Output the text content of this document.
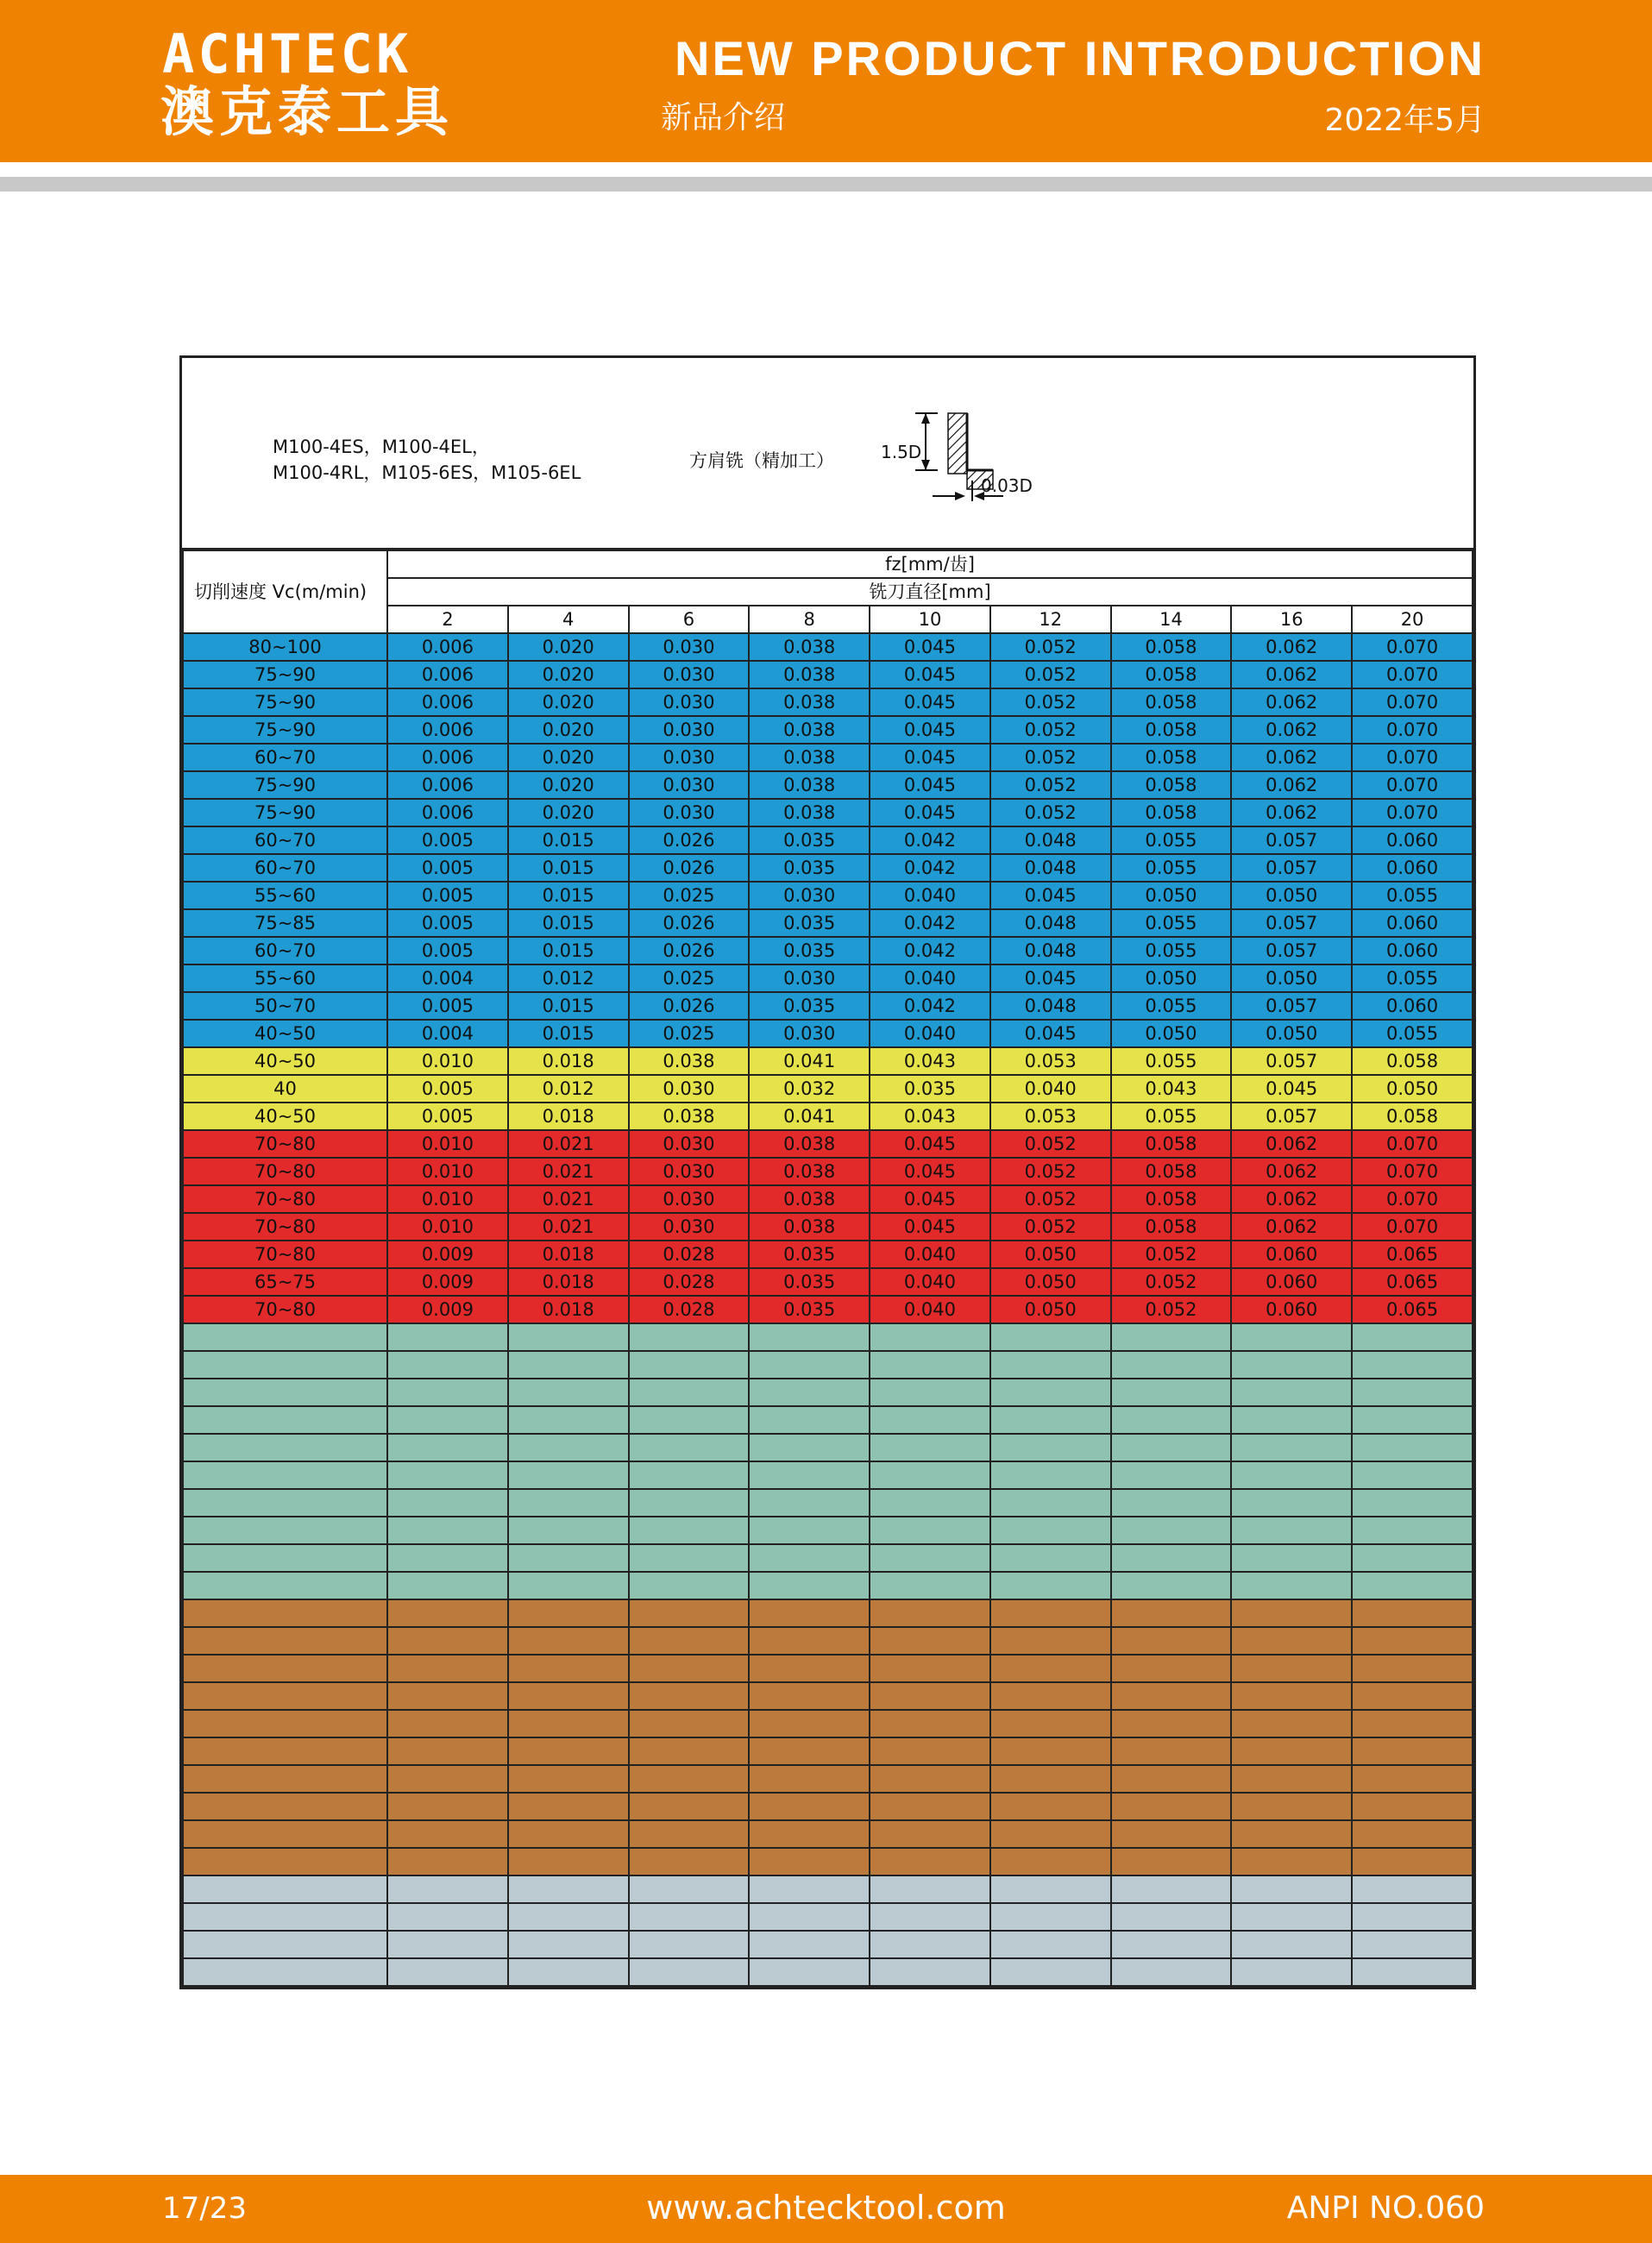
ACHTECK
澳克泰工具
NEW PRODUCT INTRODUCTION
新品介绍	2022年5月
M100-4ES，M100-4EL，
M100-4RL，M105-6ES，M105-6EL
方肩铣（精加工）	1.5D
0.03D
切削速度 Vc(m/min)	fz[mm/齿]								
	铣刀直径[mm]								
	2	4	6	8	10	12	14	16	20
80~100	0.006	0.020	0.030	0.038	0.045	0.052	0.058	0.062	0.070
75~90	0.006	0.020	0.030	0.038	0.045	0.052	0.058	0.062	0.070
75~90	0.006	0.020	0.030	0.038	0.045	0.052	0.058	0.062	0.070
75~90	0.006	0.020	0.030	0.038	0.045	0.052	0.058	0.062	0.070
60~70	0.006	0.020	0.030	0.038	0.045	0.052	0.058	0.062	0.070
75~90	0.006	0.020	0.030	0.038	0.045	0.052	0.058	0.062	0.070
75~90	0.006	0.020	0.030	0.038	0.045	0.052	0.058	0.062	0.070
60~70	0.005	0.015	0.026	0.035	0.042	0.048	0.055	0.057	0.060
60~70	0.005	0.015	0.026	0.035	0.042	0.048	0.055	0.057	0.060
55~60	0.005	0.015	0.025	0.030	0.040	0.045	0.050	0.050	0.055
75~85	0.005	0.015	0.026	0.035	0.042	0.048	0.055	0.057	0.060
60~70	0.005	0.015	0.026	0.035	0.042	0.048	0.055	0.057	0.060
55~60	0.004	0.012	0.025	0.030	0.040	0.045	0.050	0.050	0.055
50~70	0.005	0.015	0.026	0.035	0.042	0.048	0.055	0.057	0.060
40~50	0.004	0.015	0.025	0.030	0.040	0.045	0.050	0.050	0.055
40~50	0.010	0.018	0.038	0.041	0.043	0.053	0.055	0.057	0.058
40	0.005	0.012	0.030	0.032	0.035	0.040	0.043	0.045	0.050
40~50	0.005	0.018	0.038	0.041	0.043	0.053	0.055	0.057	0.058
70~80	0.010	0.021	0.030	0.038	0.045	0.052	0.058	0.062	0.070
70~80	0.010	0.021	0.030	0.038	0.045	0.052	0.058	0.062	0.070
70~80	0.010	0.021	0.030	0.038	0.045	0.052	0.058	0.062	0.070
70~80	0.010	0.021	0.030	0.038	0.045	0.052	0.058	0.062	0.070
70~80	0.009	0.018	0.028	0.035	0.040	0.050	0.052	0.060	0.065
65~75	0.009	0.018	0.028	0.035	0.040	0.050	0.052	0.060	0.065
70~80	0.009	0.018	0.028	0.035	0.040	0.050	0.052	0.060	0.065

17/23	www.achtecktool.com	ANPI NO.060
